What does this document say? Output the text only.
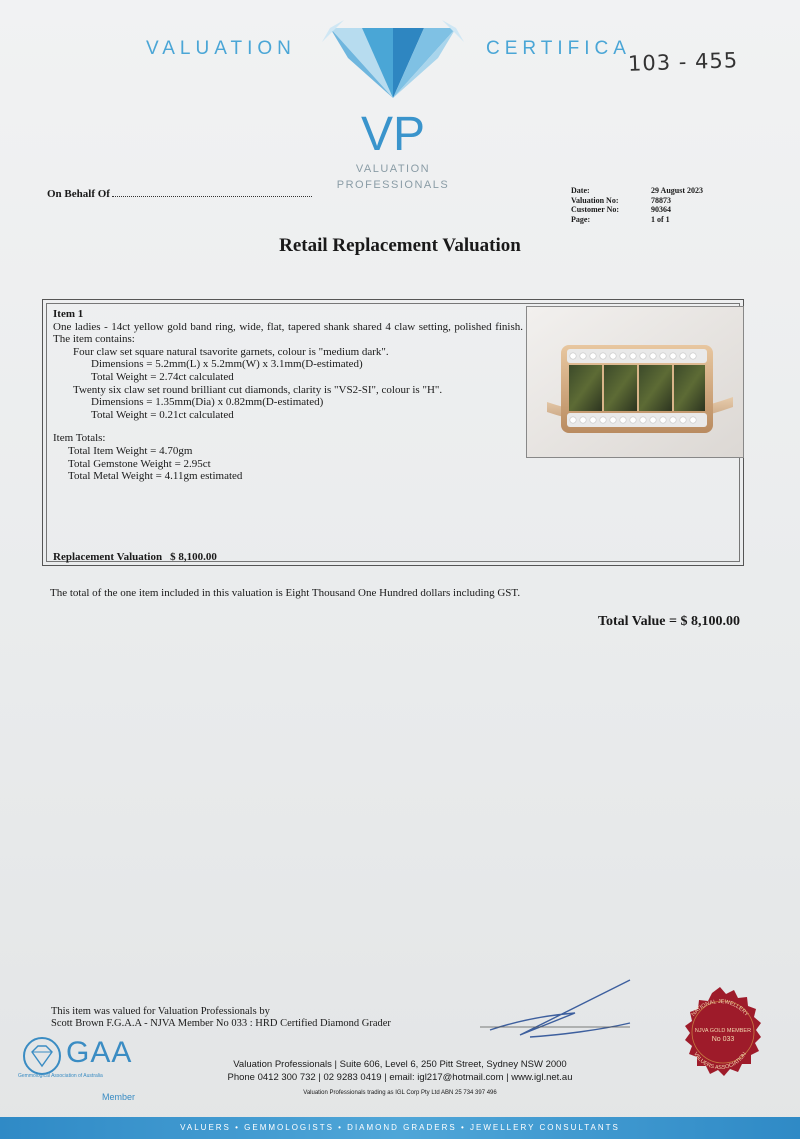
VALUATION	CERTIFICA
VP
VALUATION
PROFESSIONALS
103 - 455
On Behalf Of	Date:	29 August 2023
Valuation No:	78873
Customer No:	90364
Page:	1 of 1
Retail Replacement Valuation

Item 1

One ladies - 14ct yellow gold band ring, wide, flat, tapered shank shared 4 claw setting, polished finish. The item contains:

Four claw set square natural tsavorite garnets, colour is "medium dark".

Dimensions = 5.2mm(L) x 5.2mm(W) x 3.1mm(D-estimated)

Total Weight = 2.74ct calculated

Twenty six claw set round brilliant cut diamonds, clarity is "VS2-SI", colour is "H".

Dimensions = 1.35mm(Dia) x 0.82mm(D-estimated)

Total Weight = 0.21ct calculated

Item Totals:

Total Item Weight = 4.70gm

Total Gemstone Weight = 2.95ct

Total Metal Weight = 4.11gm estimated

Replacement Valuation $ 8,100.00
The total of the one item included in this valuation is Eight Thousand One Hundred dollars including GST.
Total Value = $ 8,100.00
This item was valued for Valuation Professionals by
Scott Brown F.G.A.A - NJVA Member No 033 : HRD Certified Diamond Grader
GAA
Gemmological Association of Australia
Member
Valuation Professionals | Suite 606, Level 6, 250 Pitt Street, Sydney NSW 2000
Phone 0412 300 732 | 02 9283 0419 | email: igl217@hotmail.com | www.igl.net.au
Valuation Professionals trading as IGL Corp Pty Ltd ABN 25 734 397 496
NATIONAL JEWELLERY
VALUERS ASSOCIATION
NJVA GOLD MEMBER
No 033
VALUERS • GEMMOLOGISTS • DIAMOND GRADERS • JEWELLERY CONSULTANTS
